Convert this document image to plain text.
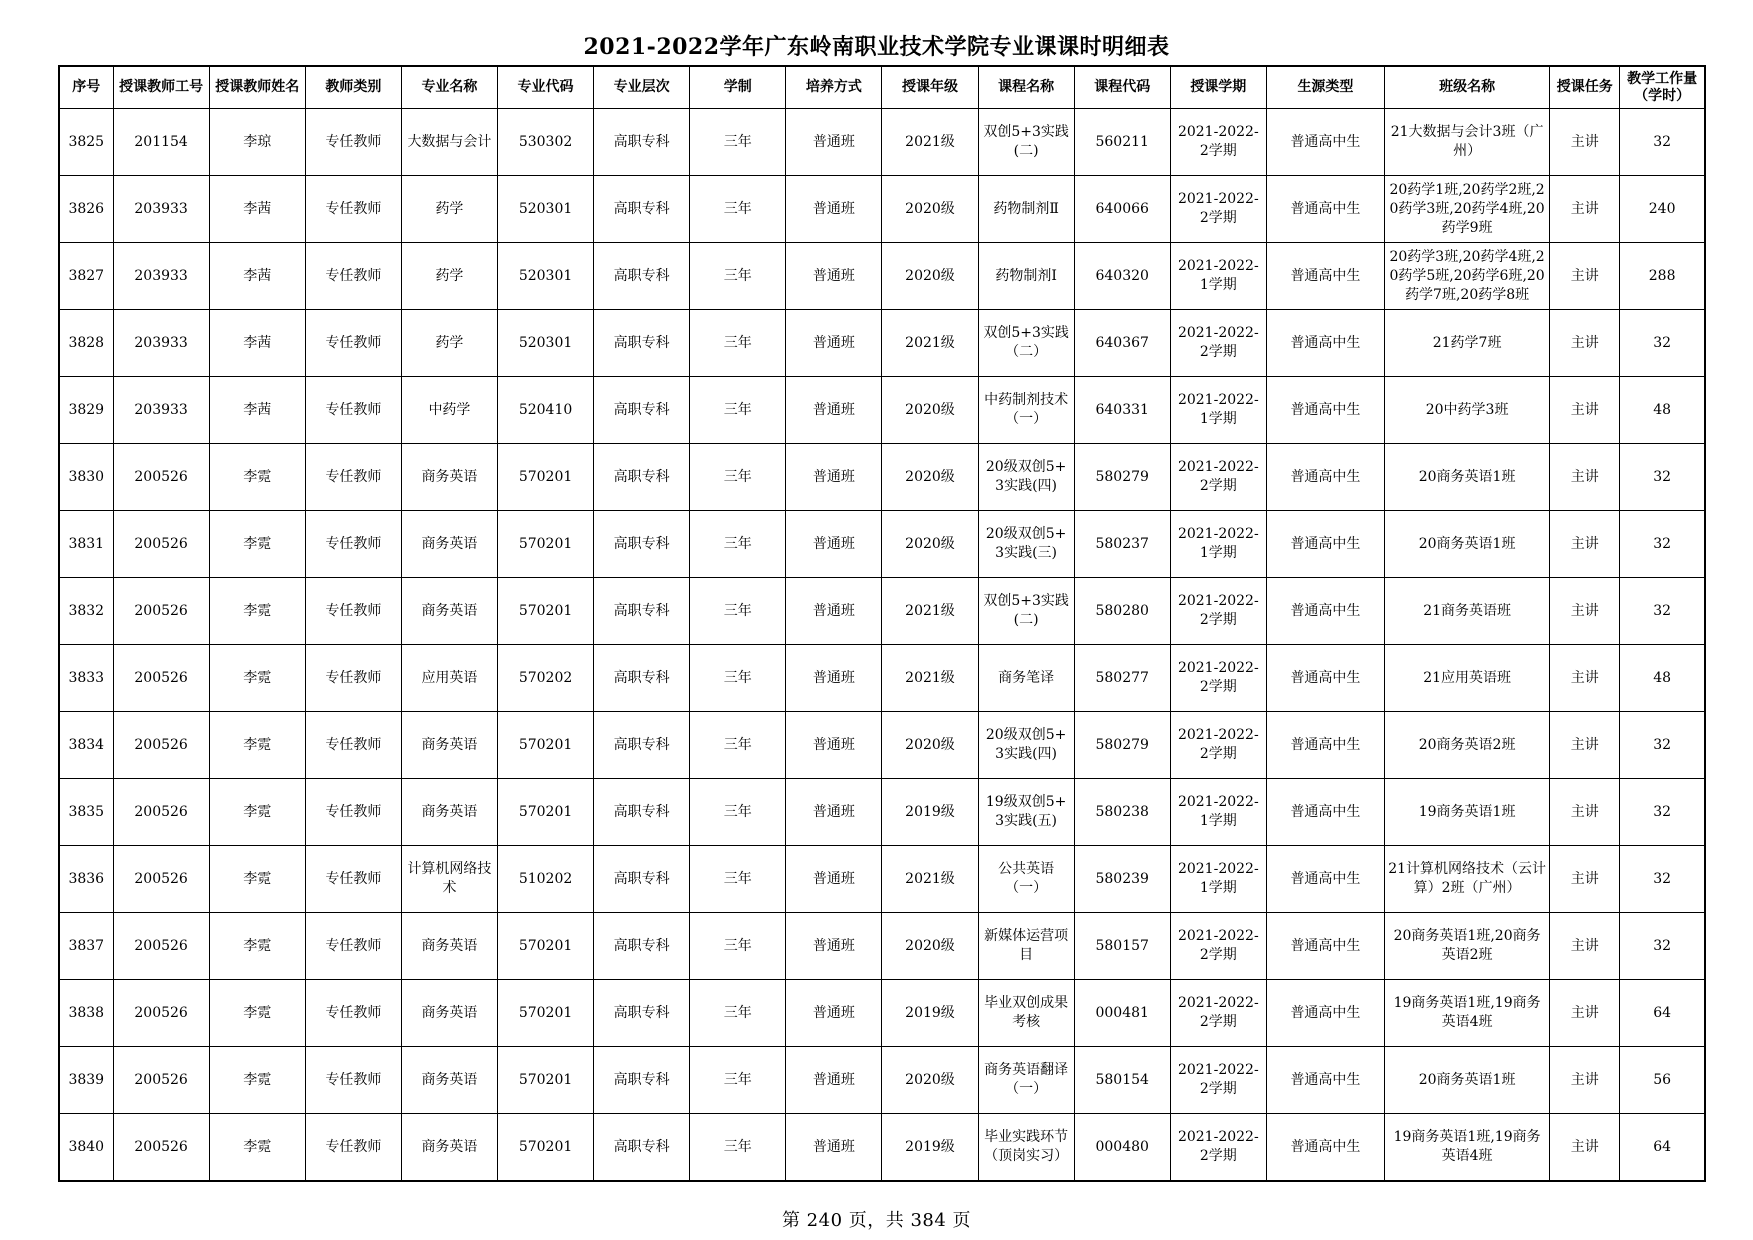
2021-2022学年广东岭南职业技术学院专业课课时明细表
序号	授课教师工号	授课教师姓名	教师类别	专业名称	专业代码	专业层次	学制	培养方式	授课年级	课程名称	课程代码	授课学期	生源类型	班级名称	授课任务	教学工作量（学时）

3825	201154	李琼	专任教师	大数据与会计	530302	高职专科	三年	普通班	2021级	双创5+3实践(二)	560211	2021-2022-2学期	普通高中生	21大数据与会计3班（广州）	主讲	32

3826	203933	李茜	专任教师	药学	520301	高职专科	三年	普通班	2020级	药物制剂Ⅱ	640066	2021-2022-2学期	普通高中生	20药学1班,20药学2班,20药学3班,20药学4班,20药学9班	主讲	240

3827	203933	李茜	专任教师	药学	520301	高职专科	三年	普通班	2020级	药物制剂Ⅰ	640320	2021-2022-1学期	普通高中生	20药学3班,20药学4班,20药学5班,20药学6班,20药学7班,20药学8班	主讲	288

3828	203933	李茜	专任教师	药学	520301	高职专科	三年	普通班	2021级	双创5+3实践（二）	640367	2021-2022-2学期	普通高中生	21药学7班	主讲	32

3829	203933	李茜	专任教师	中药学	520410	高职专科	三年	普通班	2020级	中药制剂技术（一）	640331	2021-2022-1学期	普通高中生	20中药学3班	主讲	48

3830	200526	李霓	专任教师	商务英语	570201	高职专科	三年	普通班	2020级	20级双创5+3实践(四)	580279	2021-2022-2学期	普通高中生	20商务英语1班	主讲	32

3831	200526	李霓	专任教师	商务英语	570201	高职专科	三年	普通班	2020级	20级双创5+3实践(三)	580237	2021-2022-1学期	普通高中生	20商务英语1班	主讲	32

3832	200526	李霓	专任教师	商务英语	570201	高职专科	三年	普通班	2021级	双创5+3实践(二)	580280	2021-2022-2学期	普通高中生	21商务英语班	主讲	32

3833	200526	李霓	专任教师	应用英语	570202	高职专科	三年	普通班	2021级	商务笔译	580277	2021-2022-2学期	普通高中生	21应用英语班	主讲	48

3834	200526	李霓	专任教师	商务英语	570201	高职专科	三年	普通班	2020级	20级双创5+3实践(四)	580279	2021-2022-2学期	普通高中生	20商务英语2班	主讲	32

3835	200526	李霓	专任教师	商务英语	570201	高职专科	三年	普通班	2019级	19级双创5+3实践(五)	580238	2021-2022-1学期	普通高中生	19商务英语1班	主讲	32

3836	200526	李霓	专任教师	计算机网络技术	510202	高职专科	三年	普通班	2021级	公共英语（一）	580239	2021-2022-1学期	普通高中生	21计算机网络技术（云计算）2班（广州）	主讲	32

3837	200526	李霓	专任教师	商务英语	570201	高职专科	三年	普通班	2020级	新媒体运营项目	580157	2021-2022-2学期	普通高中生	20商务英语1班,20商务英语2班	主讲	32

3838	200526	李霓	专任教师	商务英语	570201	高职专科	三年	普通班	2019级	毕业双创成果考核	000481	2021-2022-2学期	普通高中生	19商务英语1班,19商务英语4班	主讲	64

3839	200526	李霓	专任教师	商务英语	570201	高职专科	三年	普通班	2020级	商务英语翻译（一）	580154	2021-2022-2学期	普通高中生	20商务英语1班	主讲	56

3840	200526	李霓	专任教师	商务英语	570201	高职专科	三年	普通班	2019级	毕业实践环节（顶岗实习）	000480	2021-2022-2学期	普通高中生	19商务英语1班,19商务英语4班	主讲	64
第 240 页，共 384 页
